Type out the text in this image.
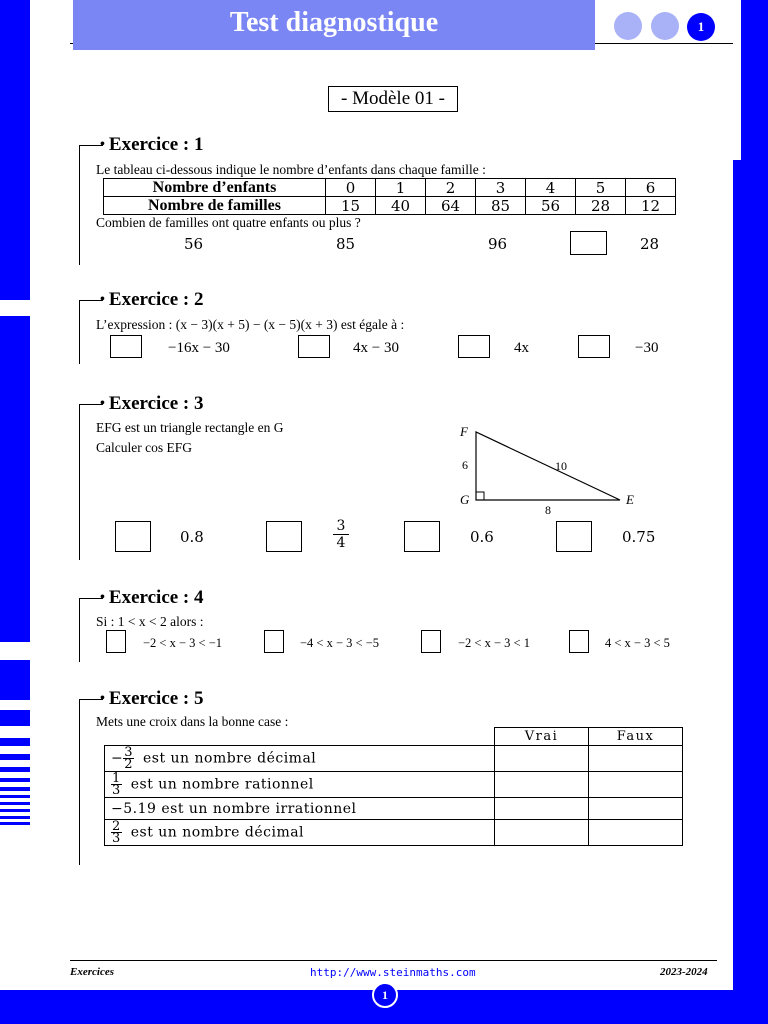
Test diagnostique	1
- Modèle 01 -
• Exercice : 1
Le tableau ci-dessous indique le nombre d’enfants dans chaque famille :
Nombre d’enfants	0	1	2	3	4	5	6
Nombre de familles	15	40	64	85	56	28	12
Combien de familles ont quatre enfants ou plus ?
56	85	96	28
• Exercice : 2
L’expression : (x − 3)(x + 5) − (x − 5)(x + 3) est égale à :
−16x − 30	4x − 30	4x	−30
• Exercice : 3
EFG est un triangle rectangle en G
Calculer cos EFG
F
G	E
6	10
8
0.8	$\frac{3}{4}$	0.6	0.75
• Exercice : 4
Si : 1 < x < 2 alors :
−2 < x − 3 < −1	−4 < x − 3 < −5	−2 < x − 3 < 1	4 < x − 3 < 5
• Exercice : 5
Mets une croix dans la bonne case :
	Vrai	Faux
− $\frac{3}{2}$ est un nombre décimal		

$\frac{1}{3}$ est un nombre rationnel		
−5.19 est un nombre irrationnel		

$\frac{2}{3}$ est un nombre décimal		
Exercices	http://www.steinmaths.com	2023-2024
1
